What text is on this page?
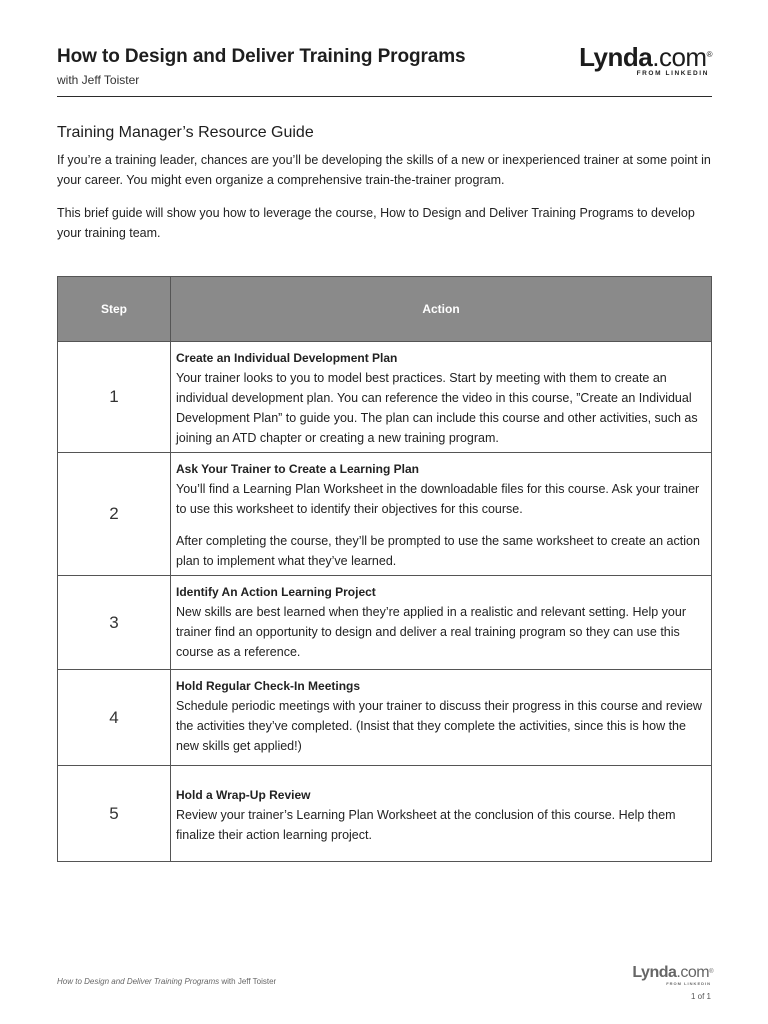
How to Design and Deliver Training Programs
with Jeff Toister
Lynda.com®
FROM LINKEDIN
Training Manager’s Resource Guide
If you’re a training leader, chances are you’ll be developing the skills of a new or inexperienced trainer at some point in your career. You might even organize a comprehensive train-the-trainer program.
This brief guide will show you how to leverage the course, How to Design and Deliver Training Programs to develop your training team.
Step	Action
1	Create an Individual Development Plan
Your trainer looks to you to model best practices. Start by meeting with them to create an individual development plan. You can reference the video in this course, ”Create an Individual Development Plan” to guide you. The plan can include this course and other activities, such as joining an ATD chapter or creating a new training program.

2	Ask Your Trainer to Create a Learning Plan
You’ll find a Learning Plan Worksheet in the downloadable files for this course. Ask your trainer to use this worksheet to identify their objectives for this course.
After completing the course, they’ll be prompted to use the same worksheet to create an action plan to implement what they’ve learned.

3	Identify An Action Learning Project
New skills are best learned when they’re applied in a realistic and relevant setting. Help your trainer find an opportunity to design and deliver a real training program so they can use this course as a reference.

4	Hold Regular Check-In Meetings
Schedule periodic meetings with your trainer to discuss their progress in this course and review the activities they’ve completed. (Insist that they complete the activities, since this is how the new skills get applied!)

5	Hold a Wrap-Up Review
Review your trainer’s Learning Plan Worksheet at the conclusion of this course. Help them finalize their action learning project.
How to Design and Deliver Training Programs with Jeff Toister
Lynda.com®
FROM LINKEDIN
1 of 1
